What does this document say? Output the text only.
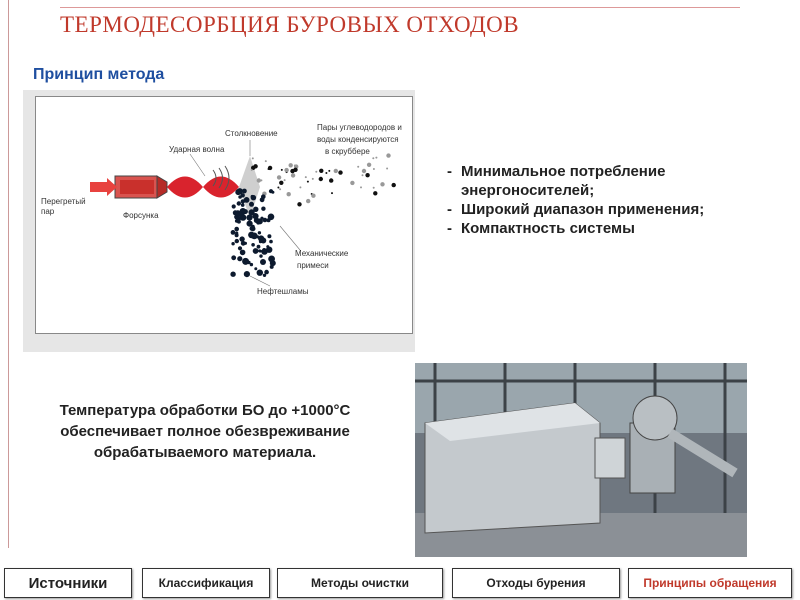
ТЕРМОДЕСОРБЦИЯ БУРОВЫХ ОТХОДОВ
Принцип метода
Перегретый
пар	Форсунка
Ударная волна
Столкновение
Пары углеводородов и
воды конденсируются
в скруббере
Механические
примеси
Нефтешламы
- Минимальное потребление энергоносителей;
- Широкий диапазон применения;
- Компактность системы
Температура обработки БО до +1000°С обеспечивает полное обезвреживание обрабатываемого материала.
Источники	Классификация	Методы очистки	Отходы бурения	Принципы обращения
